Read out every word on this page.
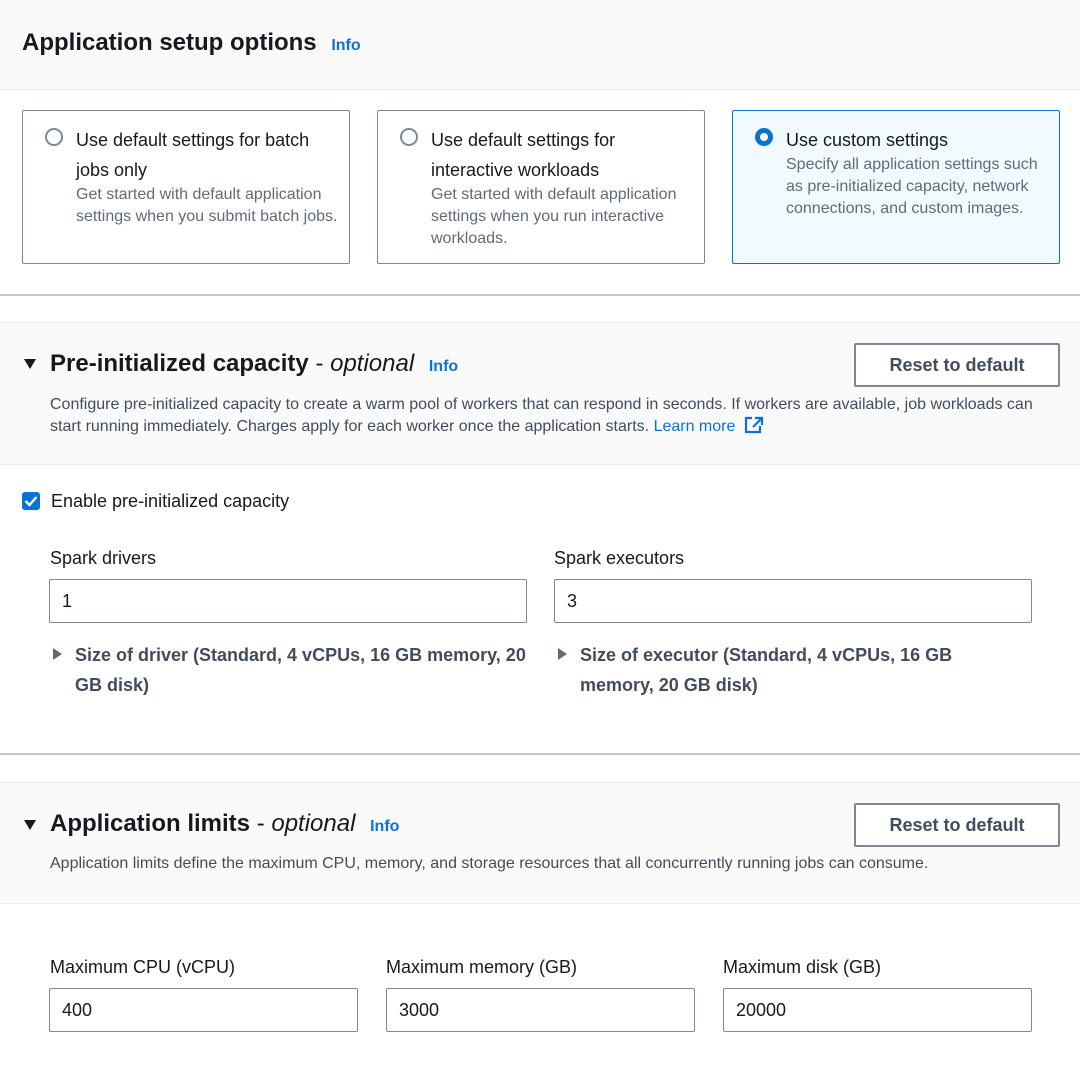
Application setup options Info
Use default settings for batch jobs only
Get started with default application settings when you submit batch jobs.
Use default settings for interactive workloads
Get started with default application settings when you run interactive workloads.
Use custom settings
Specify all application settings such as pre-initialized capacity, network connections, and custom images.
Pre-initialized capacity - optional Info	Reset to default
Configure pre-initialized capacity to create a warm pool of workers that can respond in seconds. If workers are available, job workloads can start running immediately. Charges apply for each worker once the application starts. Learn more
Enable pre-initialized capacity
Spark drivers
1
Spark executors
3
Size of driver (Standard, 4 vCPUs, 16 GB memory, 20 GB disk)
Size of executor (Standard, 4 vCPUs, 16 GB memory, 20 GB disk)
Application limits - optional Info	Reset to default
Application limits define the maximum CPU, memory, and storage resources that all concurrently running jobs can consume.
Maximum CPU (vCPU)
400
Maximum memory (GB)
3000
Maximum disk (GB)
20000
